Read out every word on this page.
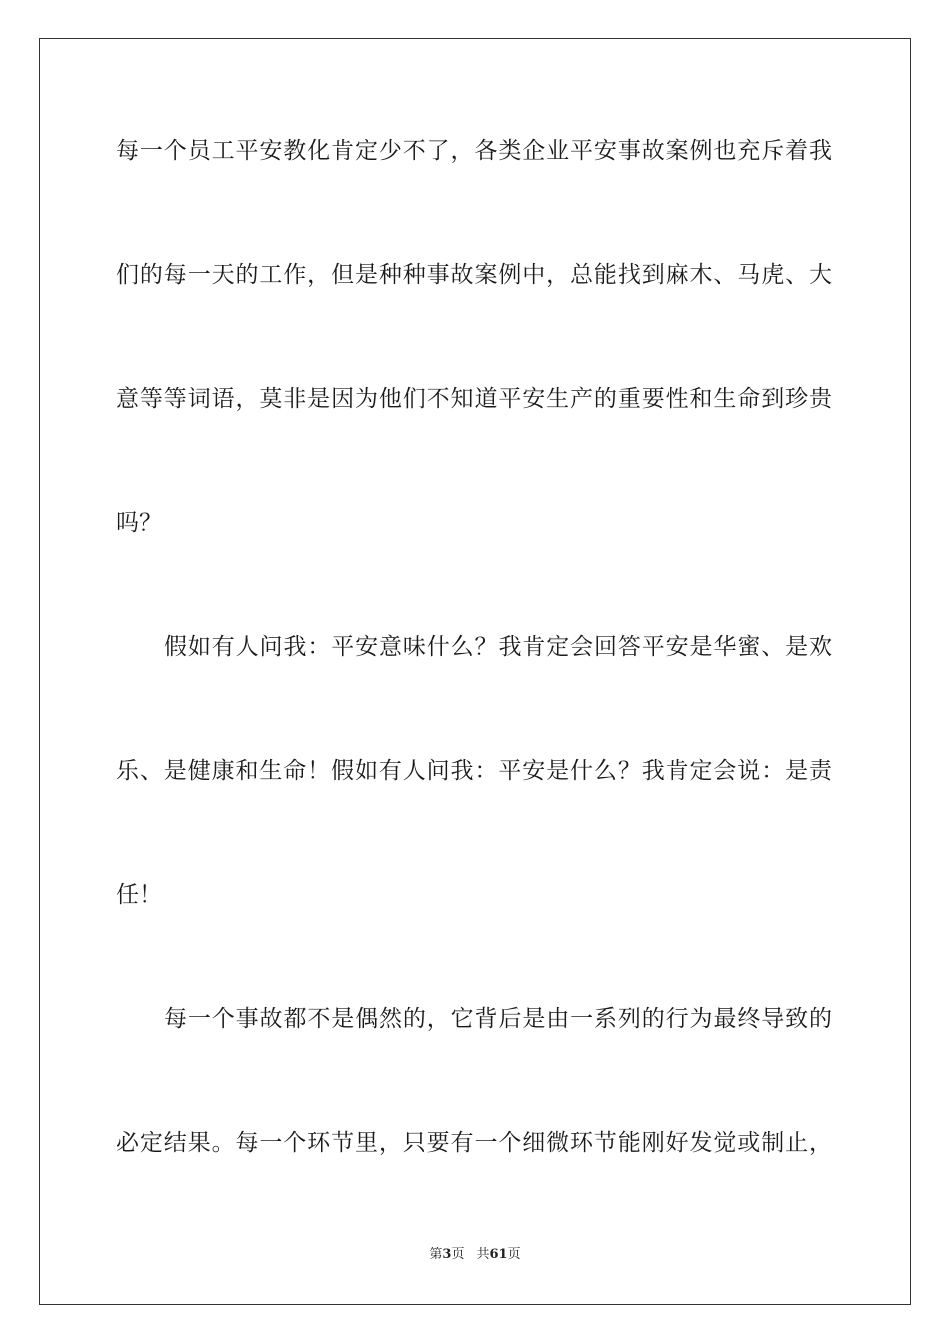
每一个员工平安教化肯定少不了，各类企业平安事故案例也充斥着我
们的每一天的工作，但是种种事故案例中，总能找到麻木、马虎、大
意等等词语，莫非是因为他们不知道平安生产的重要性和生命到珍贵
吗？
假如有人问我：平安意味什么？我肯定会回答平安是华蜜、是欢
乐、是健康和生命！假如有人问我：平安是什么？我肯定会说：是责
任！
每一个事故都不是偶然的，它背后是由一系列的行为最终导致的
必定结果。每一个环节里，只要有一个细微环节能刚好发觉或制止，
第3页 共61页
